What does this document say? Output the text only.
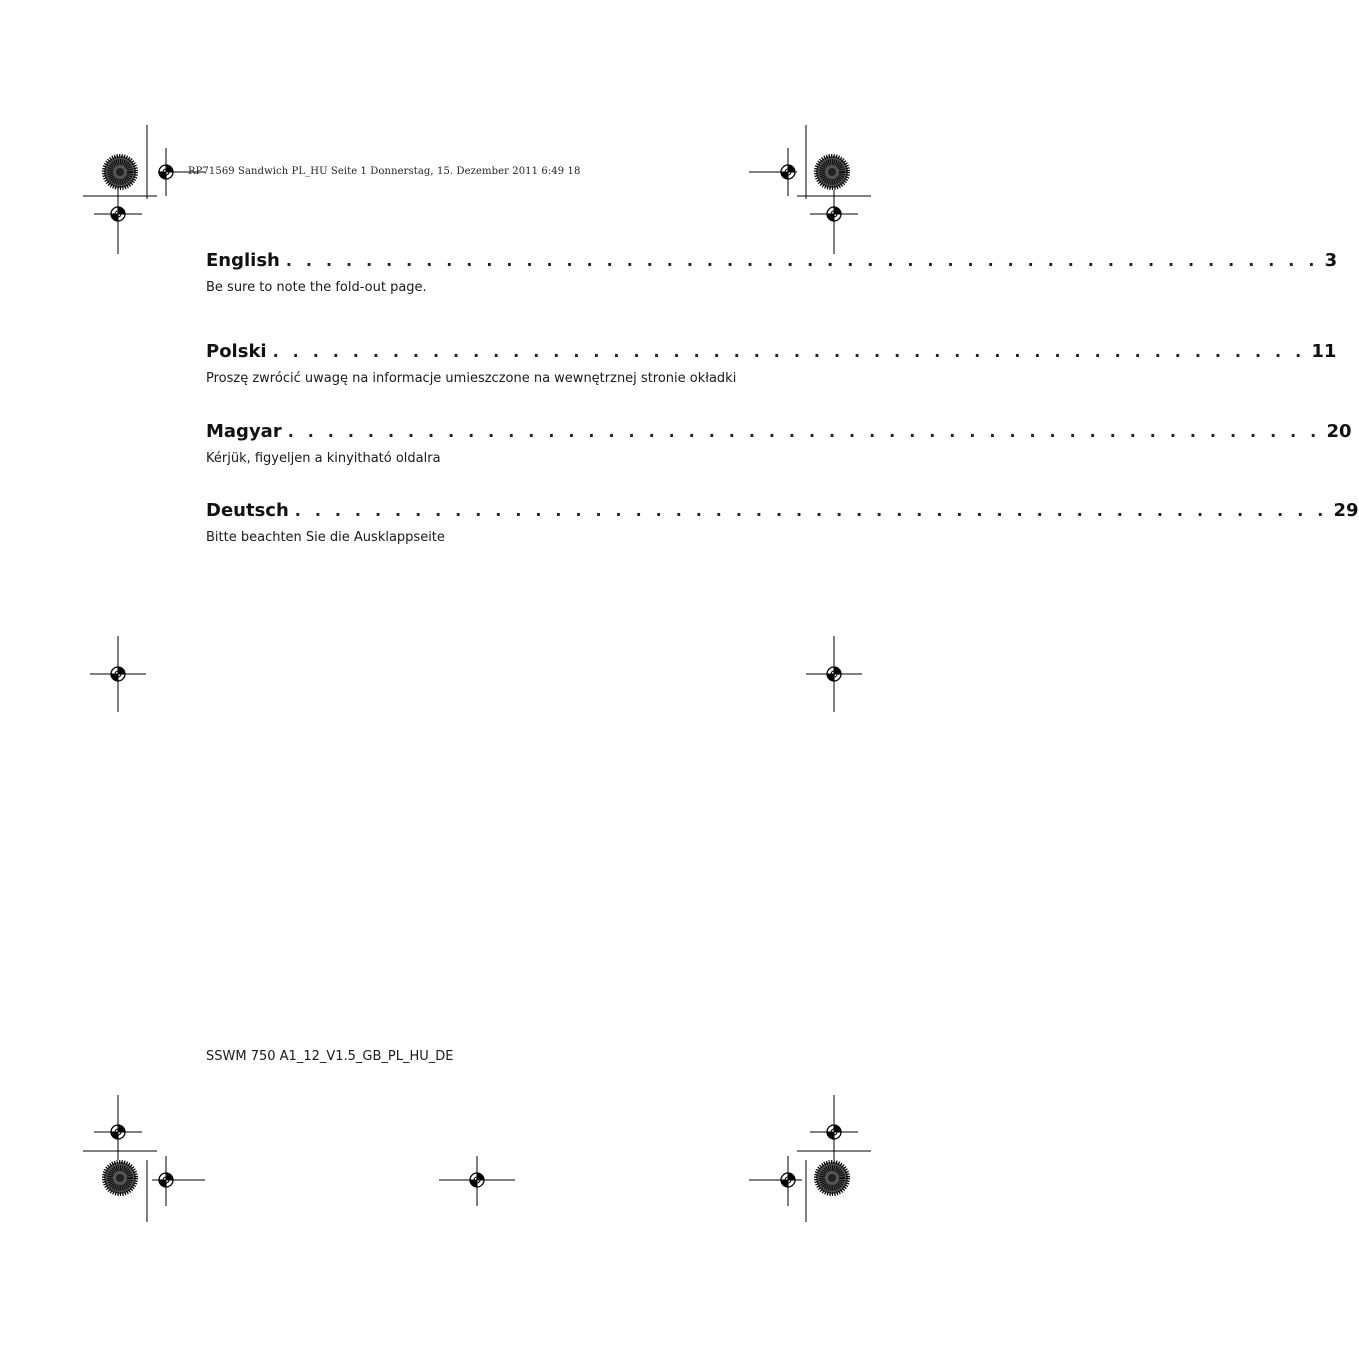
RP71569 Sandwich PL_HU Seite 1 Donnerstag, 15. Dezember 2011 6:49 18
English . . . . . . . . . . . . . . . . . . . . . . . . . . . . . . . . . . . . . . . . . . . . . . . . . . . . 3
Be sure to note the fold-out page.
Polski . . . . . . . . . . . . . . . . . . . . . . . . . . . . . . . . . . . . . . . . . . . . . . . . . . . . 11
Proszę zwrócić uwagę na informacje umieszczone na wewnętrznej stronie okładki
Magyar . . . . . . . . . . . . . . . . . . . . . . . . . . . . . . . . . . . . . . . . . . . . . . . . . . . . 20
Kérjük, figyeljen a kinyitható oldalra
Deutsch . . . . . . . . . . . . . . . . . . . . . . . . . . . . . . . . . . . . . . . . . . . . . . . . . . . . 29
Bitte beachten Sie die Ausklappseite
SSWM 750 A1_12_V1.5_GB_PL_HU_DE
